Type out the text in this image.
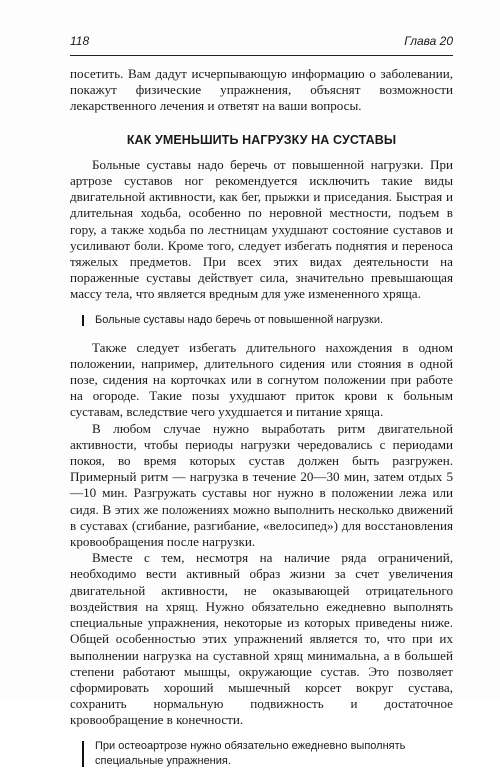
118	Глава 20

посетить. Вам дадут исчерпывающую информацию о заболевании, покажут физические упражнения, объяснят возможности лекарственного лечения и ответят на ваши вопросы.

КАК УМЕНЬШИТЬ НАГРУЗКУ НА СУСТАВЫ

Больные суставы надо беречь от повышенной нагрузки. При артрозе суставов ног рекомендуется исключить такие виды двигательной активности, как бег, прыжки и приседания. Быстрая и длительная ходьба, особенно по неровной местности, подъем в гору, а также ходьба по лестницам ухудшают состояние суставов и усиливают боли. Кроме того, следует избегать поднятия и переноса тяжелых предметов. При всех этих видах деятельности на пораженные суставы действует сила, значительно превышающая массу тела, что является вредным для уже измененного хряща.

Больные суставы надо беречь от повышенной нагрузки.

Также следует избегать длительного нахождения в одном положении, например, длительного сидения или стояния в одной позе, сидения на корточках или в согнутом положении при работе на огороде. Такие позы ухудшают приток крови к больным суставам, вследствие чего ухудшается и питание хряща.

В любом случае нужно выработать ритм двигательной активности, чтобы периоды нагрузки чередовались с периодами покоя, во время которых сустав должен быть разгружен. Примерный ритм — нагрузка в течение 20—30 мин, затем отдых 5—10 мин. Разгружать суставы ног нужно в положении лежа или сидя. В этих же положениях можно выполнить несколько движений в суставах (сгибание, разгибание, «велосипед») для восстановления кровообращения после нагрузки.

Вместе с тем, несмотря на наличие ряда ограничений, необходимо вести активный образ жизни за счет увеличения двигательной активности, не оказывающей отрицательного воздействия на хрящ. Нужно обязательно ежедневно выполнять специальные упражнения, некоторые из которых приведены ниже. Общей особенностью этих упражнений является то, что при их выполнении нагрузка на суставной хрящ минимальна, а в большей степени работают мышцы, окружающие сустав. Это позволяет сформировать хороший мышечный корсет вокруг сустава, сохранить нормальную подвижность и достаточное кровообращение в конечности.

При остеоартрозе нужно обязательно ежедневно выполнять специальные упражнения.
